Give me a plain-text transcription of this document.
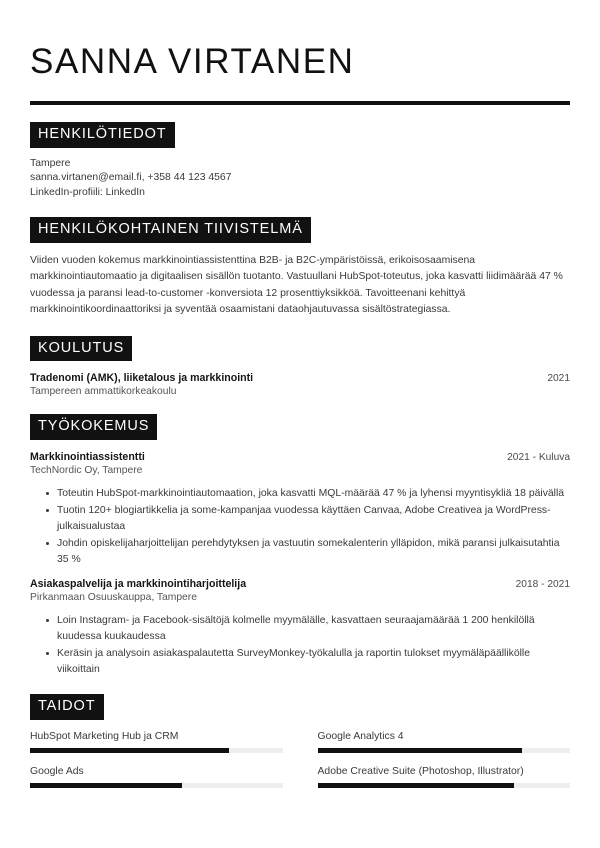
SANNA VIRTANEN
HENKILÖTIEDOT
Tampere
sanna.virtanen@email.fi, +358 44 123 4567
LinkedIn-profiili: LinkedIn
HENKILÖKOHTAINEN TIIVISTELMÄ

Viiden vuoden kokemus markkinointiassistenttina B2B- ja B2C-ympäristöissä, erikoisosaamisena markkinointiautomaatio ja digitaalisen sisällön tuotanto. Vastuullani HubSpot-toteutus, joka kasvatti liidimäärää 47 % vuodessa ja paransi lead-to-customer -konversiota 12 prosenttiyksikköä. Tavoitteenani kehittyä markkinointikoordinaattoriksi ja syventää osaamistani dataohjautuvassa sisältöstrategiassa.

KOULUTUS
Tradenomi (AMK), liiketalous ja markkinointi	2021
Tampereen ammattikorkeakoulu
TYÖKOKEMUS
Markkinointiassistentti	2021 - Kuluva
TechNordic Oy, Tampere
Toteutin HubSpot-markkinointiautomaation, joka kasvatti MQL-määrää 47 % ja lyhensi myyntisykliä 18 päivällä
Tuotin 120+ blogiartikkelia ja some-kampanjaa vuodessa käyttäen Canvaa, Adobe Creativea ja WordPress-julkaisualustaa
Johdin opiskelijaharjoittelijan perehdytyksen ja vastuutin somekalenterin ylläpidon, mikä paransi julkaisutahtia 35 %
Asiakaspalvelija ja markkinointiharjoittelija	2018 - 2021
Pirkanmaan Osuuskauppa, Tampere
Loin Instagram- ja Facebook-sisältöjä kolmelle myymälälle, kasvattaen seuraajamäärää 1 200 henkilöllä kuudessa kuukaudessa
Keräsin ja analysoin asiakaspalautetta SurveyMonkey-työkalulla ja raportin tulokset myymäläpäällikölle viikoittain
TAIDOT
HubSpot Marketing Hub ja CRM	Google Analytics 4
Google Ads	Adobe Creative Suite (Photoshop, Illustrator)
